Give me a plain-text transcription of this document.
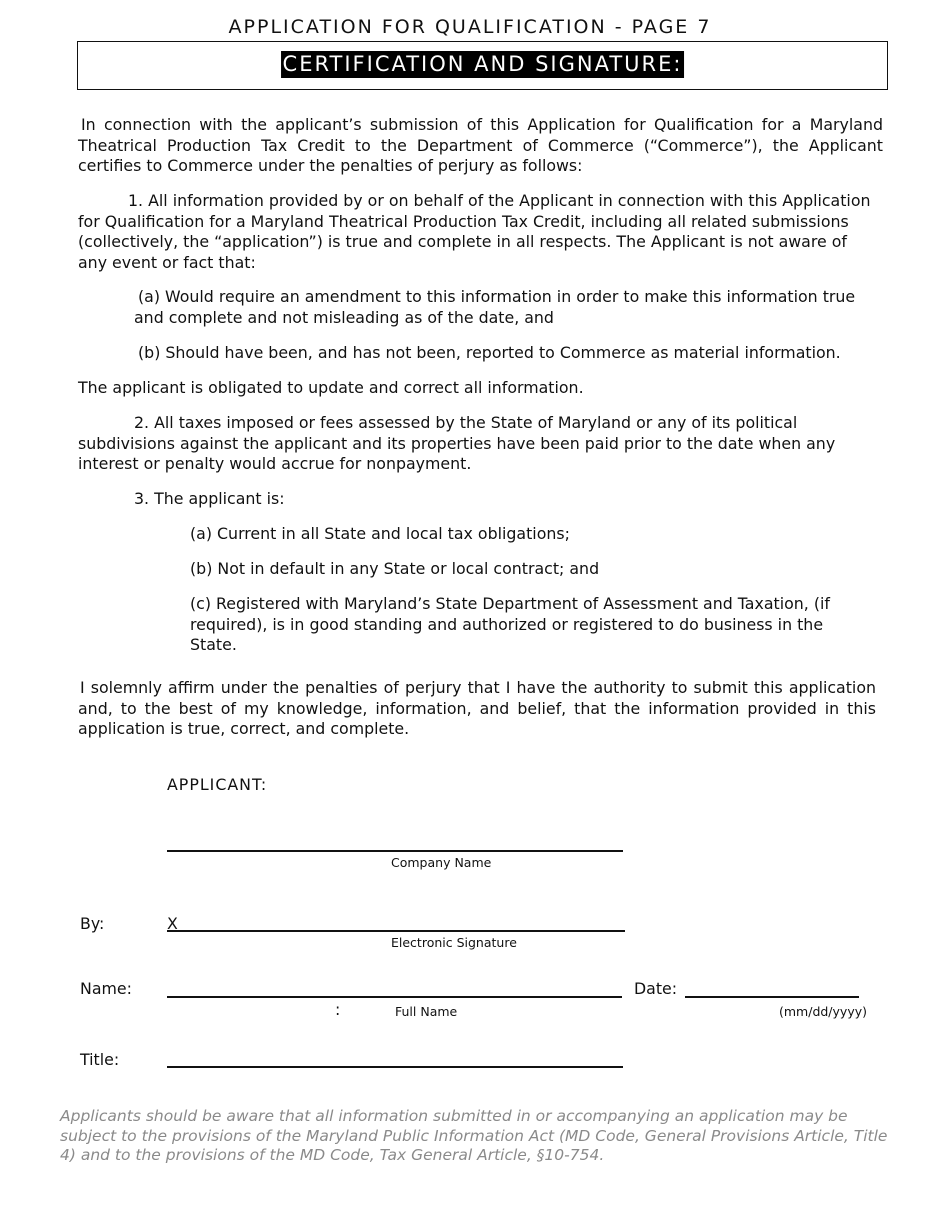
APPLICATION FOR QUALIFICATION - PAGE 7
CERTIFICATION AND SIGNATURE:
In connection with the applicant’s submission of this Application for Qualification for a Maryland Theatrical Production Tax Credit to the Department of Commerce (“Commerce”), the Applicant certifies to Commerce under the penalties of perjury as follows:
1. All information provided by or on behalf of the Applicant in connection with this Application for Qualification for a Maryland Theatrical Production Tax Credit, including all related submissions (collectively, the “application”) is true and complete in all respects. The Applicant is not aware of any event or fact that:
(a) Would require an amendment to this information in order to make this information true and complete and not misleading as of the date, and
(b) Should have been, and has not been, reported to Commerce as material information.
The applicant is obligated to update and correct all information.
2. All taxes imposed or fees assessed by the State of Maryland or any of its political subdivisions against the applicant and its properties have been paid prior to the date when any interest or penalty would accrue for nonpayment.
3. The applicant is:
(a) Current in all State and local tax obligations;
(b) Not in default in any State or local contract; and
(c) Registered with Maryland’s State Department of Assessment and Taxation, (if required), is in good standing and authorized or registered to do business in the State.
I solemnly affirm under the penalties of perjury that I have the authority to submit this application and, to the best of my knowledge, information, and belief, that the information provided in this application is true, correct, and complete.
APPLICANT:
Company Name
By:	X
Electronic Signature
Name:
:	Full Name
Date:
(mm/dd/yyyy)
Title:
Applicants should be aware that all information submitted in or accompanying an application may be subject to the provisions of the Maryland Public Information Act (MD Code, General Provisions Article, Title 4) and to the provisions of the MD Code, Tax General Article, §10-754.
